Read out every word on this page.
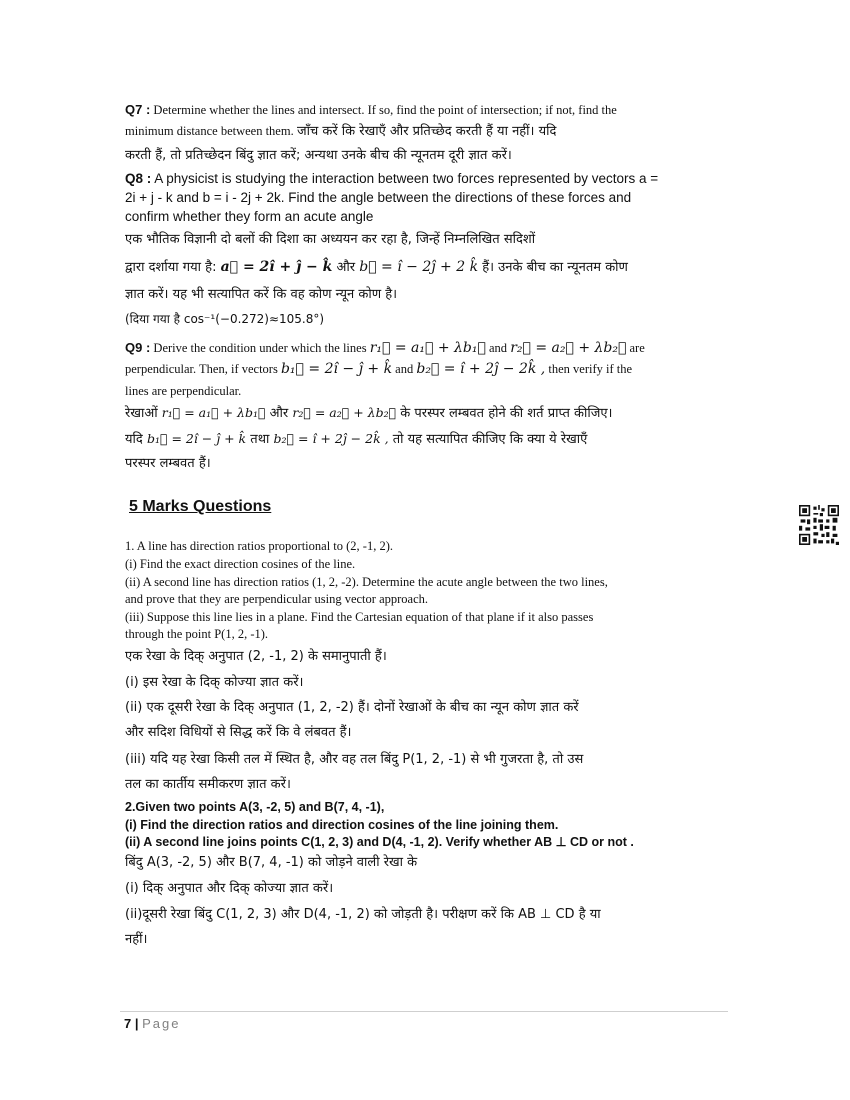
Q7 : Determine whether the lines and intersect. If so, find the point of intersection; if not, find the
minimum distance between them. जाँच करें कि रेखाएँ और प्रतिच्छेद करती हैं या नहीं। यदि
करती हैं, तो प्रतिच्छेदन बिंदु ज्ञात करें; अन्यथा उनके बीच की न्यूनतम दूरी ज्ञात करें।
Q8 : A physicist is studying the interaction between two forces represented by vectors a =
2i + j - k and b = i - 2j + 2k. Find the angle between the directions of these forces and
confirm whether they form an acute angle
एक भौतिक विज्ञानी दो बलों की दिशा का अध्ययन कर रहा है, जिन्हें निम्नलिखित सदिशों
द्वारा दर्शाया गया है: a⃗ = 2î + ĵ − k̂ और b⃗ = î − 2ĵ + 2 k̂ हैं। उनके बीच का न्यूनतम कोण
ज्ञात करें। यह भी सत्यापित करें कि वह कोण न्यून कोण है।
(दिया गया है cos⁻¹(−0.272)≈105.8°)
Q9 : Derive the condition under which the lines r₁⃗ = a₁⃗ + λb₁⃗ and r₂⃗ = a₂⃗ + λb₂⃗ are
perpendicular. Then, if vectors b₁⃗ = 2î − ĵ + k̂ and b₂⃗ = î + 2ĵ − 2k̂ , then verify if the
lines are perpendicular.
रेखाओं r₁⃗ = a₁⃗ + λb₁⃗ और r₂⃗ = a₂⃗ + λb₂⃗ के परस्पर लम्बवत होने की शर्त प्राप्त कीजिए।
यदि b₁⃗ = 2î − ĵ + k̂ तथा b₂⃗ = î + 2ĵ − 2k̂ , तो यह सत्यापित कीजिए कि क्या ये रेखाएँ
परस्पर लम्बवत हैं।
5 Marks Questions
1. A line has direction ratios proportional to (2, -1, 2).
(i) Find the exact direction cosines of the line.
(ii) A second line has direction ratios (1, 2, -2). Determine the acute angle between the two lines,
and prove that they are perpendicular using vector approach.
(iii) Suppose this line lies in a plane. Find the Cartesian equation of that plane if it also passes
through the point P(1, 2, -1).
एक रेखा के दिक् अनुपात (2, -1, 2) के समानुपाती हैं।
(i) इस रेखा के दिक् कोज्या ज्ञात करें।
(ii) एक दूसरी रेखा के दिक् अनुपात (1, 2, -2) हैं। दोनों रेखाओं के बीच का न्यून कोण ज्ञात करें
और सदिश विधियों से सिद्ध करें कि वे लंबवत हैं।
(iii) यदि यह रेखा किसी तल में स्थित है, और वह तल बिंदु P(1, 2, -1) से भी गुजरता है, तो उस
तल का कार्तीय समीकरण ज्ञात करें।
2.Given two points A(3, -2, 5) and B(7, 4, -1),
(i) Find the direction ratios and direction cosines of the line joining them.
(ii) A second line joins points C(1, 2, 3) and D(4, -1, 2). Verify whether AB ⊥ CD or not .
बिंदु A(3, -2, 5) और B(7, 4, -1) को जोड़ने वाली रेखा के
(i) दिक् अनुपात और दिक् कोज्या ज्ञात करें।
(ii)दूसरी रेखा बिंदु C(1, 2, 3) और D(4, -1, 2) को जोड़ती है। परीक्षण करें कि AB ⊥ CD है या
नहीं।
7 | Page
